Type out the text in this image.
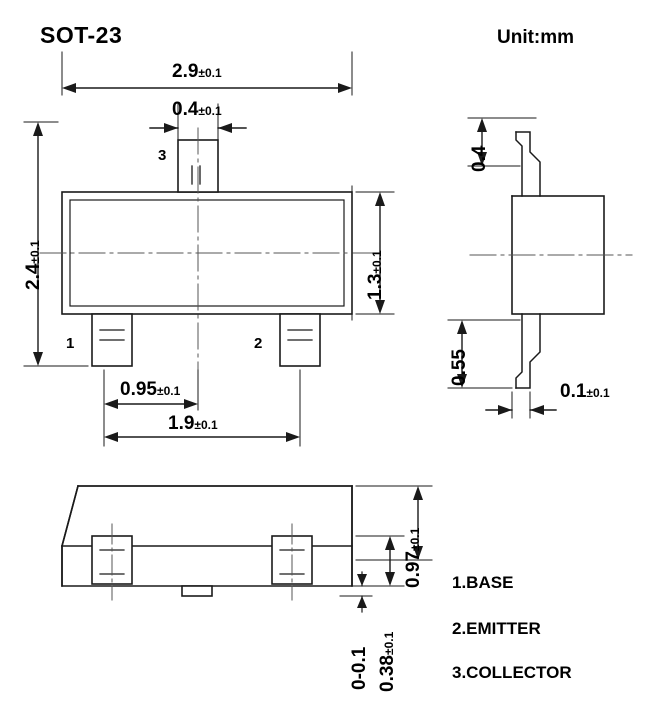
SOT-23	Unit:mm
2.9±0.1
0.4±0.1
2.4±0.1
1.3±0.1
0.95±0.1
1.9±0.1
3
1	2
0.4
0.55
0.1±0.1
0.97±0.1
0.38±0.1
0-0.1
1.BASE
2.EMITTER
3.COLLECTOR
